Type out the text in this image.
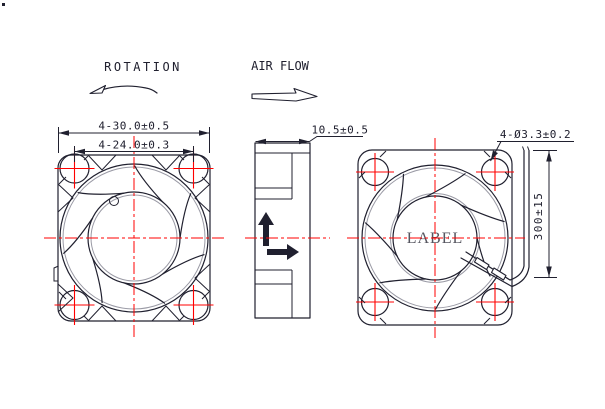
LABEL
4-30.0±0.5
4-24.0±0.3
10.5±0.5	4-Ø3.3±0.2
300±15
ROTATION	AIR FLOW
